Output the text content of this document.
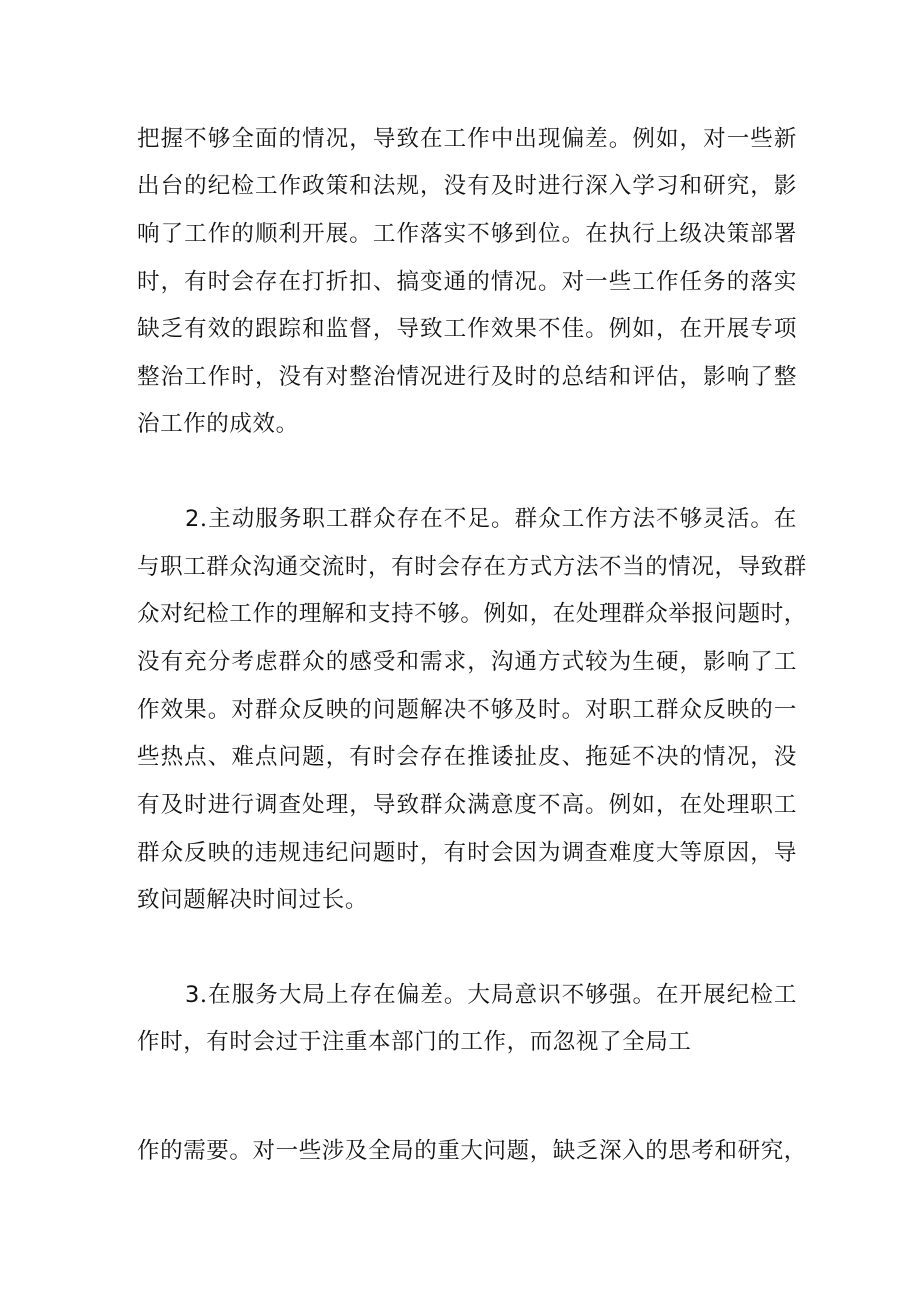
把握不够全面的情况，导致在工作中出现偏差。例如，对一些新

出台的纪检工作政策和法规，没有及时进行深入学习和研究，影

响了工作的顺利开展。工作落实不够到位。在执行上级决策部署

时，有时会存在打折扣、搞变通的情况。对一些工作任务的落实

缺乏有效的跟踪和监督，导致工作效果不佳。例如，在开展专项

整治工作时，没有对整治情况进行及时的总结和评估，影响了整

治工作的成效。

2.主动服务职工群众存在不足。群众工作方法不够灵活。在

与职工群众沟通交流时，有时会存在方式方法不当的情况，导致群

众对纪检工作的理解和支持不够。例如，在处理群众举报问题时，

没有充分考虑群众的感受和需求，沟通方式较为生硬，影响了工

作效果。对群众反映的问题解决不够及时。对职工群众反映的一

些热点、难点问题，有时会存在推诿扯皮、拖延不决的情况，没

有及时进行调查处理，导致群众满意度不高。例如，在处理职工

群众反映的违规违纪问题时，有时会因为调查难度大等原因，导

致问题解决时间过长。

3.在服务大局上存在偏差。大局意识不够强。在开展纪检工

作时，有时会过于注重本部门的工作，而忽视了全局工

作的需要。对一些涉及全局的重大问题，缺乏深入的思考和研究，
